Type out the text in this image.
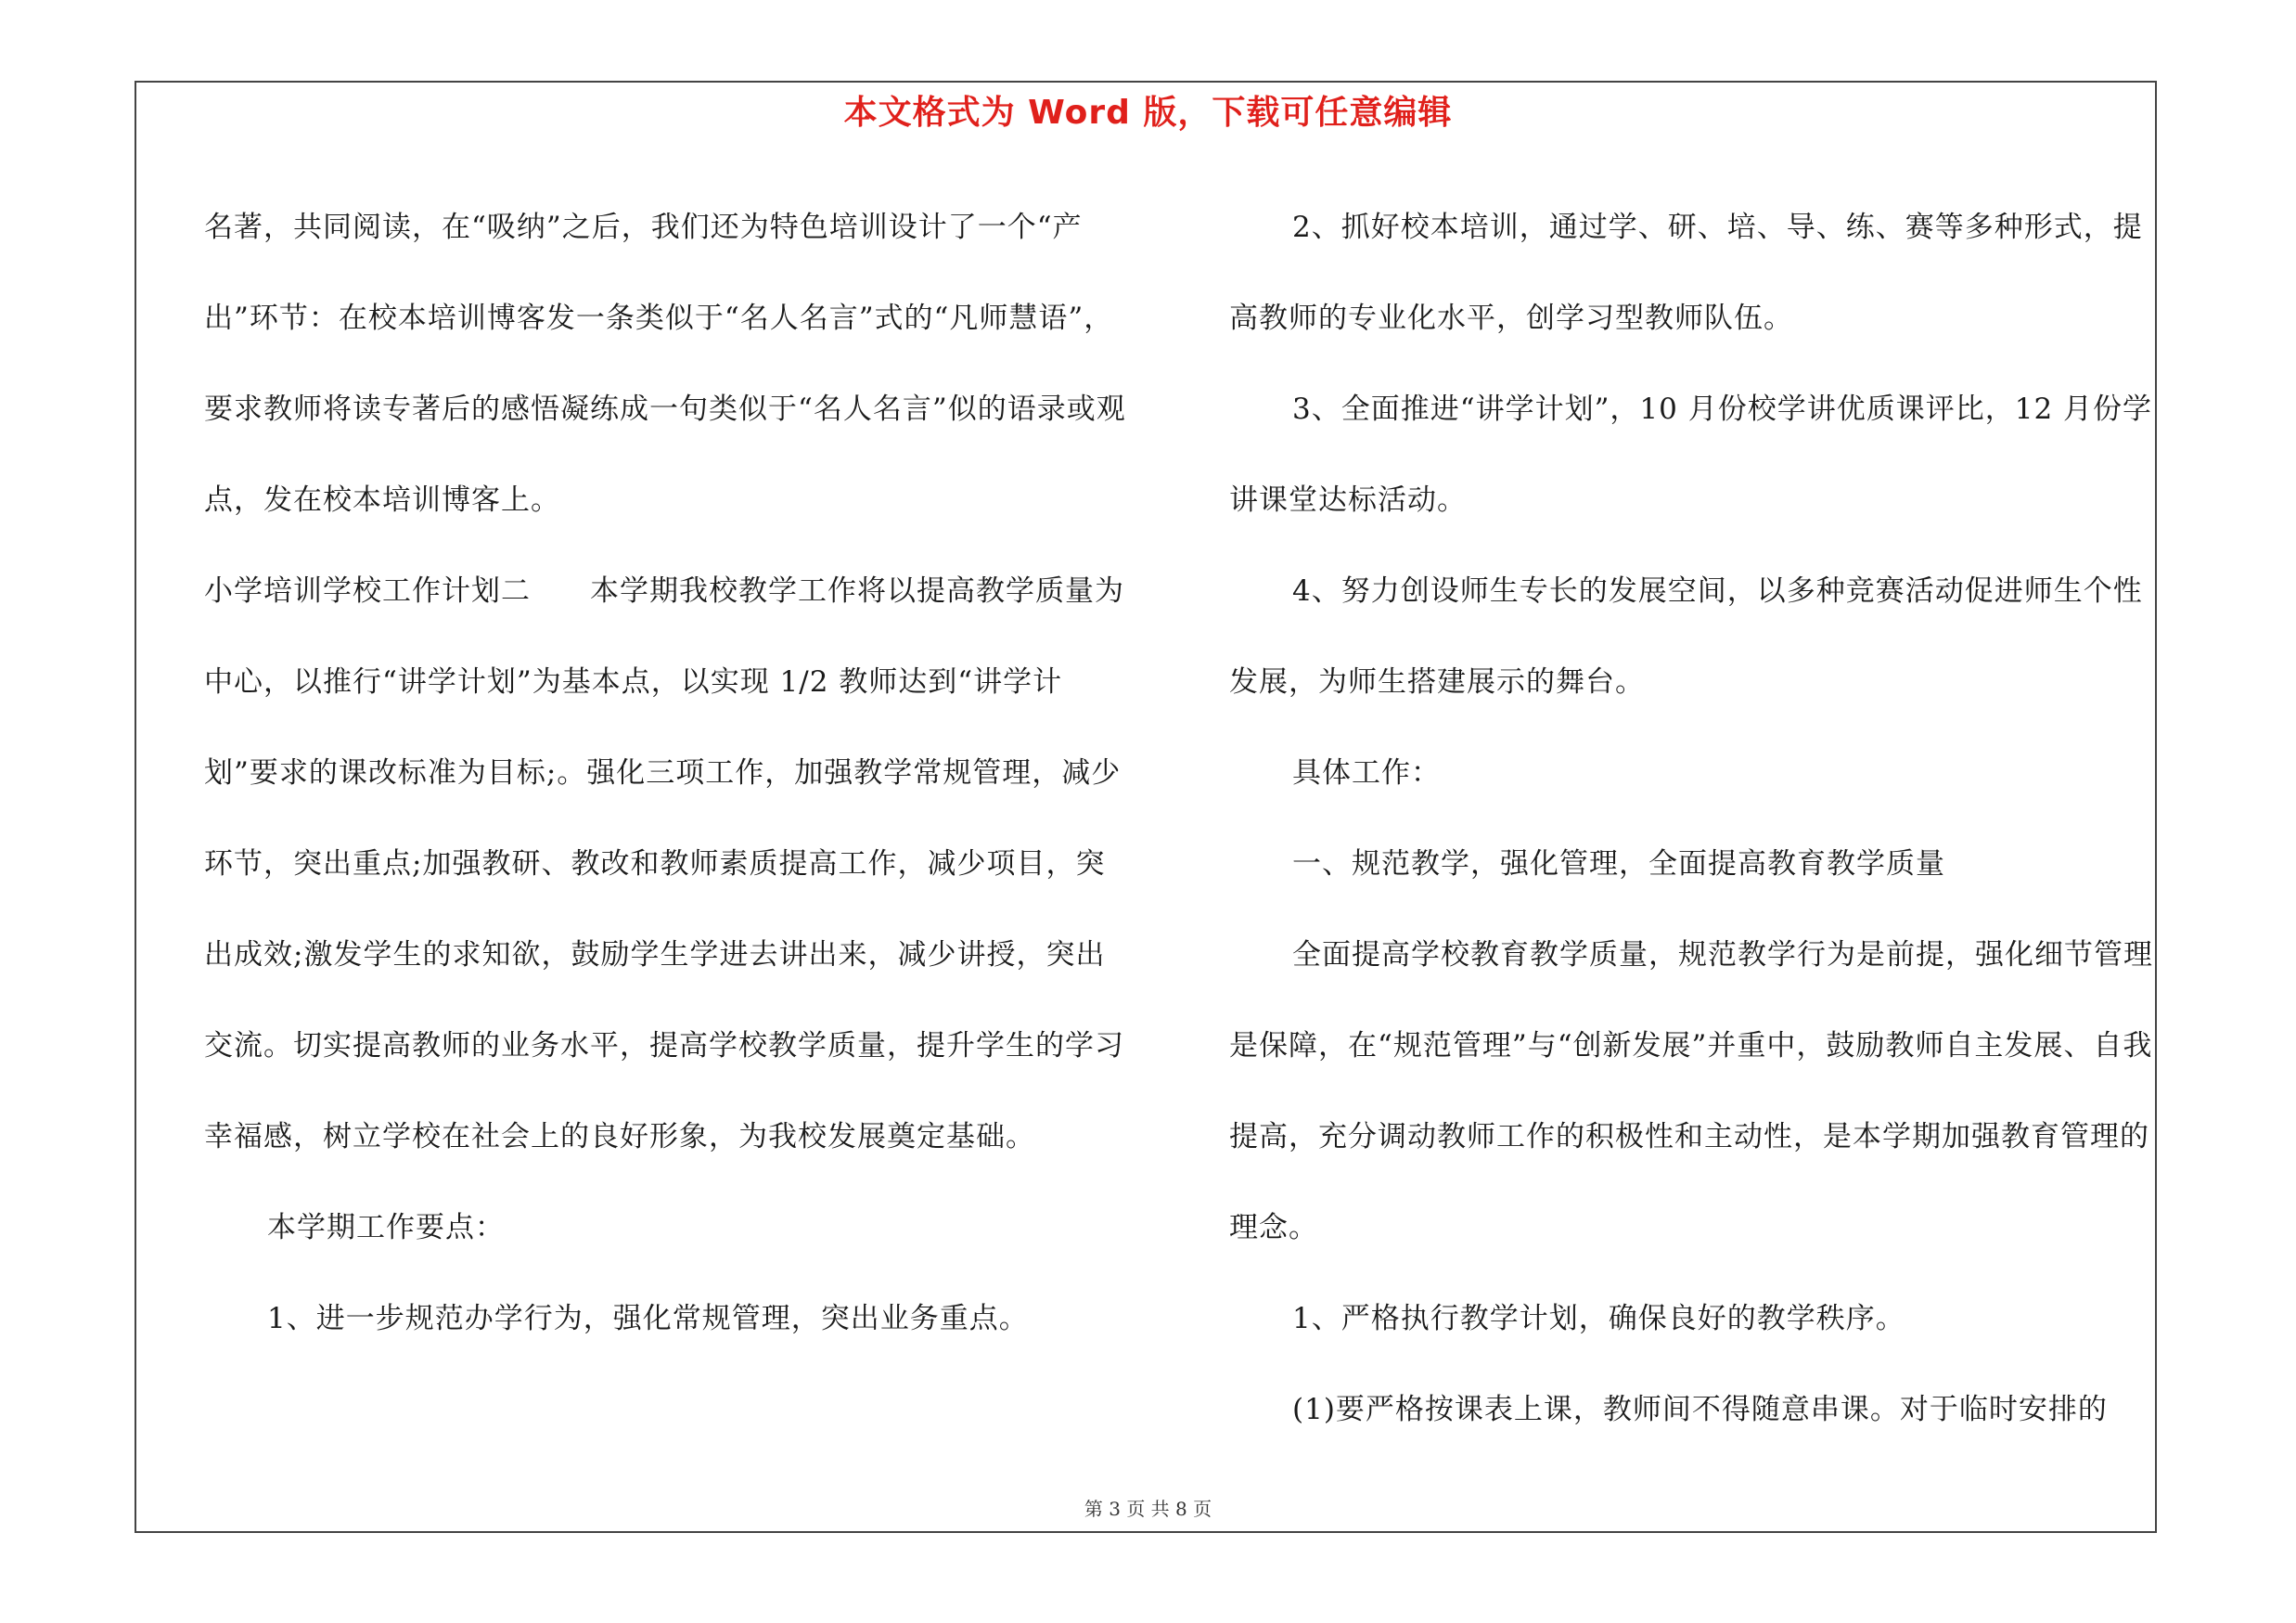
本文格式为 Word 版，下载可任意编辑

名著，共同阅读，在“吸纳”之后，我们还为特色培训设计了一个“产出”环节：在校本培训博客发一条类似于“名人名言”式的“凡师慧语”，要求教师将读专著后的感悟凝练成一句类似于“名人名言”似的语录或观点，发在校本培训博客上。

小学培训学校工作计划二　　本学期我校教学工作将以提高教学质量为中心，以推行“讲学计划”为基本点，以实现 1/2 教师达到“讲学计划”要求的课改标准为目标;。强化三项工作，加强教学常规管理，减少环节，突出重点;加强教研、教改和教师素质提高工作，减少项目，突出成效;激发学生的求知欲，鼓励学生学进去讲出来，减少讲授，突出交流。切实提高教师的业务水平，提高学校教学质量，提升学生的学习幸福感，树立学校在社会上的良好形象，为我校发展奠定基础。

本学期工作要点：

1、进一步规范办学行为，强化常规管理，突出业务重点。

2、抓好校本培训，通过学、研、培、导、练、赛等多种形式，提高教师的专业化水平，创学习型教师队伍。

3、全面推进“讲学计划”，10 月份校学讲优质课评比，12 月份学讲课堂达标活动。

4、努力创设师生专长的发展空间，以多种竞赛活动促进师生个性发展，为师生搭建展示的舞台。

具体工作：

一、规范教学，强化管理，全面提高教育教学质量

全面提高学校教育教学质量，规范教学行为是前提，强化细节管理是保障，在“规范管理”与“创新发展”并重中，鼓励教师自主发展、自我提高，充分调动教师工作的积极性和主动性，是本学期加强教育管理的理念。

1、严格执行教学计划，确保良好的教学秩序。

(1)要严格按课表上课，教师间不得随意串课。对于临时安排的

第 3 页 共 8 页
